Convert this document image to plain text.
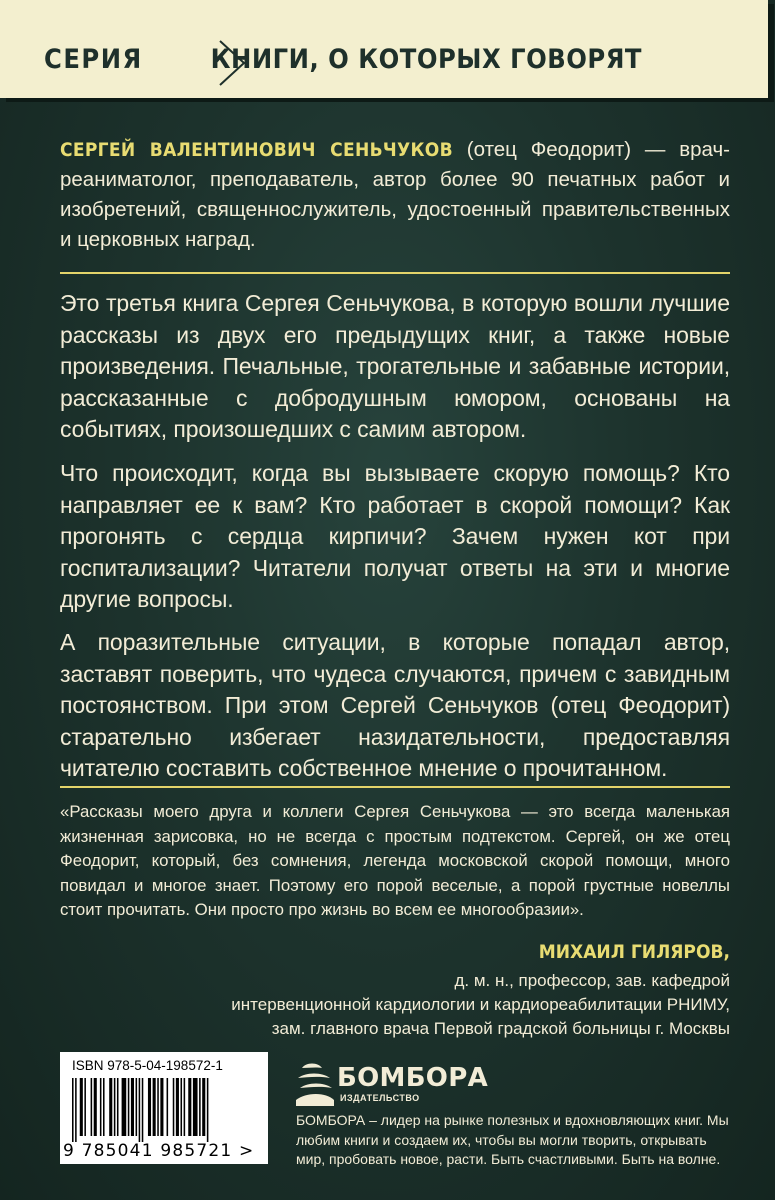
СЕРИЯ	КНИГИ, О КОТОРЫХ ГОВОРЯТ
СЕРГЕЙ ВАЛЕНТИНОВИЧ СЕНЬЧУКОВ (отец Феодорит) — врач-реаниматолог, преподаватель, автор более 90 печатных работ и изобретений, священнослужитель, удостоенный правительственных и церковных наград.
Это третья книга Сергея Сеньчукова, в которую вошли лучшие рассказы из двух его предыдущих книг, а также новые произведения. Печальные, трогательные и забавные истории, рассказанные с добродушным юмором, основаны на событиях, произошедших с самим автором.
Что происходит, когда вы вызываете скорую помощь? Кто направляет ее к вам? Кто работает в скорой помощи? Как прогонять с сердца кирпичи? Зачем нужен кот при госпитализации? Читатели получат ответы на эти и многие другие вопросы.
А поразительные ситуации, в которые попадал автор, заставят поверить, что чудеса случаются, причем с завидным постоянством. При этом Сергей Сеньчуков (отец Феодорит) старательно избегает назидательности, предоставляя читателю составить собственное мнение о прочитанном.
«Рассказы моего друга и коллеги Сергея Сеньчукова — это всегда маленькая жизненная зарисовка, но не всегда с простым подтекстом. Сергей, он же отец Феодорит, который, без сомнения, легенда московской скорой помощи, много повидал и многое знает. Поэтому его порой веселые, а порой грустные новеллы стоит прочитать. Они просто про жизнь во всем ее многообразии».
МИХАИЛ ГИЛЯРОВ,
д. м. н., профессор, зав. кафедрой
интервенционной кардиологии и кардиореабилитации РНИМУ,
зам. главного врача Первой градской больницы г. Москвы
ISBN 978-5-04-198572-1
9 785041 985721 >
БОМБОРА
ИЗДАТЕЛЬСТВО
БОМБОРА – лидер на рынке полезных и вдохновляющих книг. Мы любим книги и создаем их, чтобы вы могли творить, открывать мир, пробовать новое, расти. Быть счастливыми. Быть на волне.
